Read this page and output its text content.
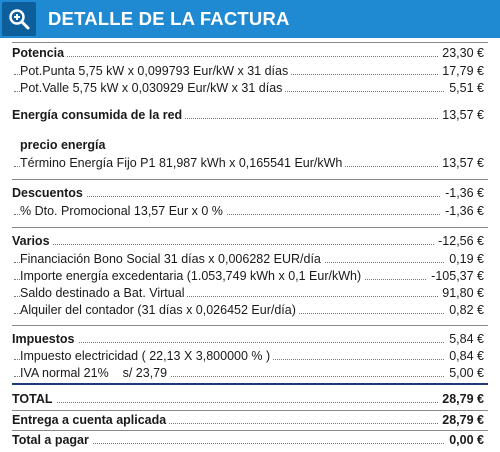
DETALLE DE LA FACTURA
Potencia	23,30 €
Pot.Punta 5,75 kW x 0,099793 Eur/kW x 31 días	17,79 €
Pot.Valle 5,75 kW x 0,030929 Eur/kW x 31 días	5,51 €
Energía consumida de la red	13,57 €
precio energía
Término Energía Fijo P1 81,987 kWh x 0,165541 Eur/kWh	13,57 €
Descuentos	-1,36 €
% Dto. Promocional 13,57 Eur x 0 %	-1,36 €
Varios	-12,56 €
Financiación Bono Social 31 días x 0,006282 EUR/día	0,19 €
Importe energía excedentaria (1.053,749 kWh x 0,1 Eur/kWh)	-105,37 €
Saldo destinado a Bat. Virtual	91,80 €
Alquiler del contador (31 días x 0,026452 Eur/día)	0,82 €
Impuestos	5,84 €
Impuesto electricidad ( 22,13 X 3,800000 % )	0,84 €
IVA normal 21%    s/ 23,79	5,00 €
TOTAL	28,79 €
Entrega a cuenta aplicada	28,79 €
Total a pagar	0,00 €
